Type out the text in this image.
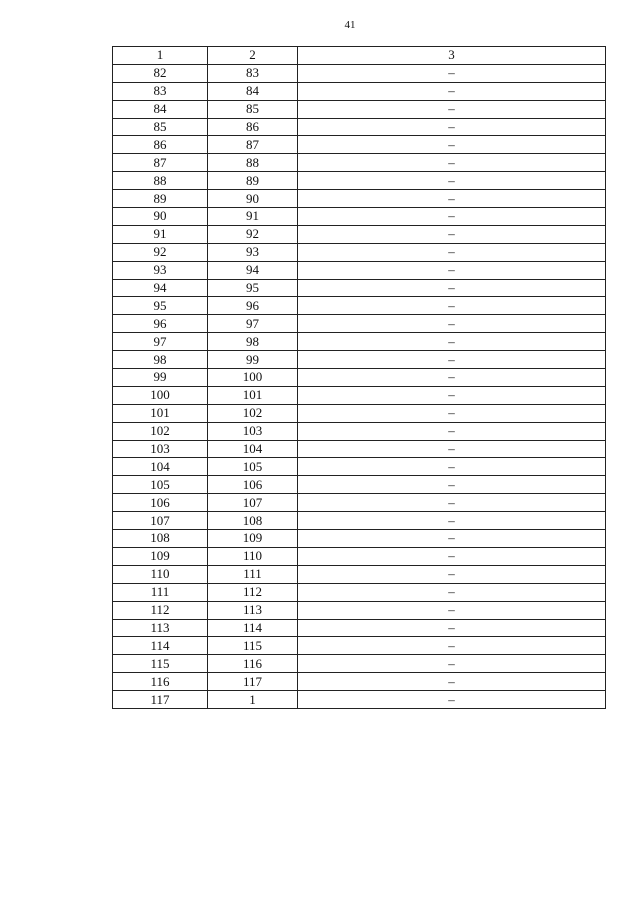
41
1	2	3
82	83	–
83	84	–
84	85	–
85	86	–
86	87	–
87	88	–
88	89	–
89	90	–
90	91	–
91	92	–
92	93	–
93	94	–
94	95	–
95	96	–
96	97	–
97	98	–
98	99	–
99	100	–
100	101	–
101	102	–
102	103	–
103	104	–
104	105	–
105	106	–
106	107	–
107	108	–
108	109	–
109	110	–
110	111	–
111	112	–
112	113	–
113	114	–
114	115	–
115	116	–
116	117	–
117	1	–
